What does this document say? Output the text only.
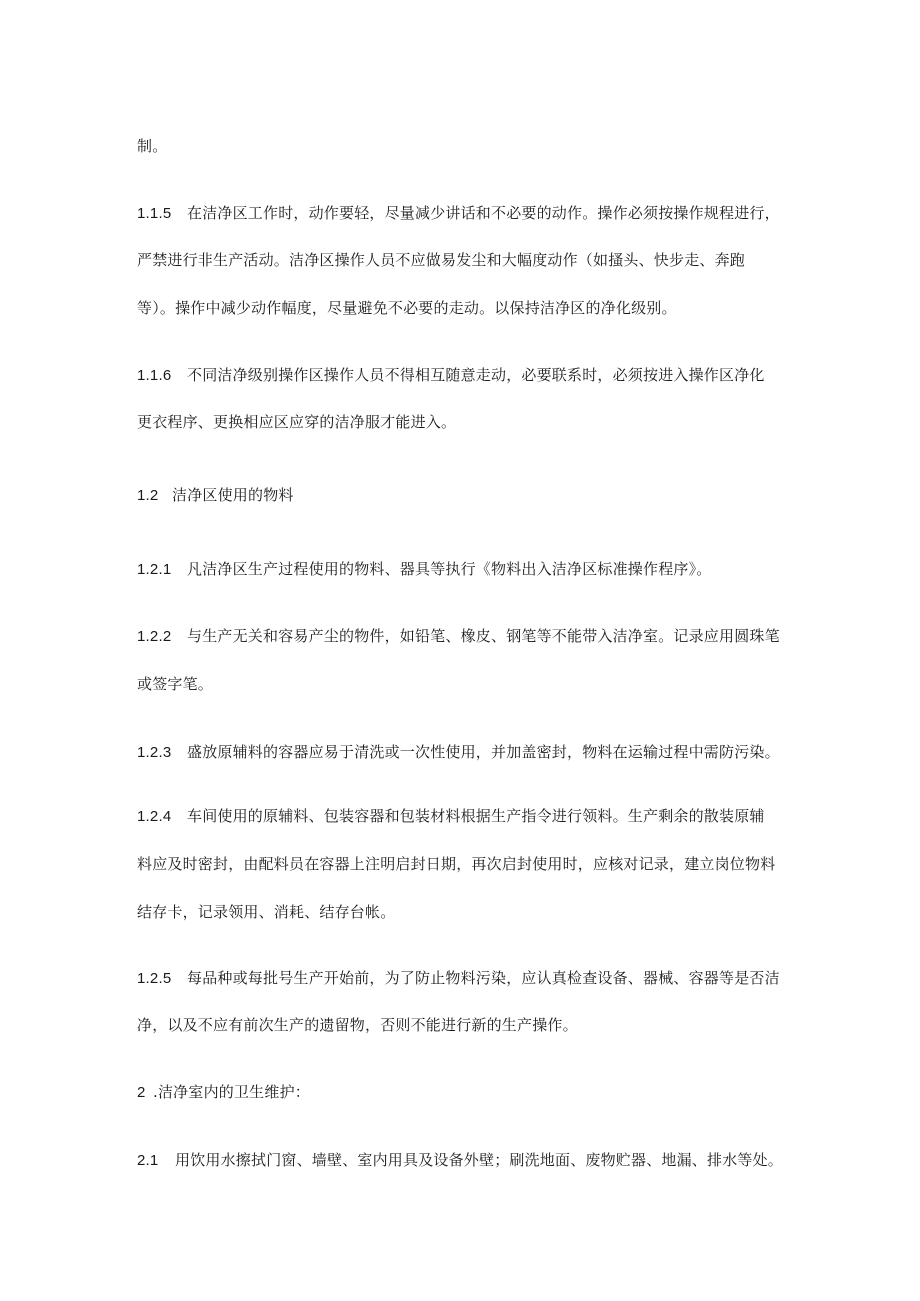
制。
1.1.5 在洁净区工作时，动作要轻，尽量减少讲话和不必要的动作。操作必须按操作规程进行，
严禁进行非生产活动。洁净区操作人员不应做易发尘和大幅度动作（如搔头、快步走、奔跑
等）。操作中减少动作幅度，尽量避免不必要的走动。以保持洁净区的净化级别。
1.1.6 不同洁净级别操作区操作人员不得相互随意走动，必要联系时，必须按进入操作区净化
更衣程序、更换相应区应穿的洁净服才能进入。
1.2 洁净区使用的物料
1.2.1 凡洁净区生产过程使用的物料、器具等执行《物料出入洁净区标准操作程序》。
1.2.2 与生产无关和容易产尘的物件，如铅笔、橡皮、钢笔等不能带入洁净室。记录应用圆珠笔
或签字笔。
1.2.3 盛放原辅料的容器应易于清洗或一次性使用，并加盖密封，物料在运输过程中需防污染。
1.2.4 车间使用的原辅料、包装容器和包装材料根据生产指令进行领料。生产剩余的散装原辅
料应及时密封，由配料员在容器上注明启封日期，再次启封使用时，应核对记录，建立岗位物料
结存卡，记录领用、消耗、结存台帐。
1.2.5 每品种或每批号生产开始前，为了防止物料污染，应认真检查设备、器械、容器等是否洁
净，以及不应有前次生产的遗留物，否则不能进行新的生产操作。
2 .洁净室内的卫生维护：
2.1 用饮用水擦拭门窗、墙壁、室内用具及设备外壁；刷洗地面、废物贮器、地漏、排水等处。
